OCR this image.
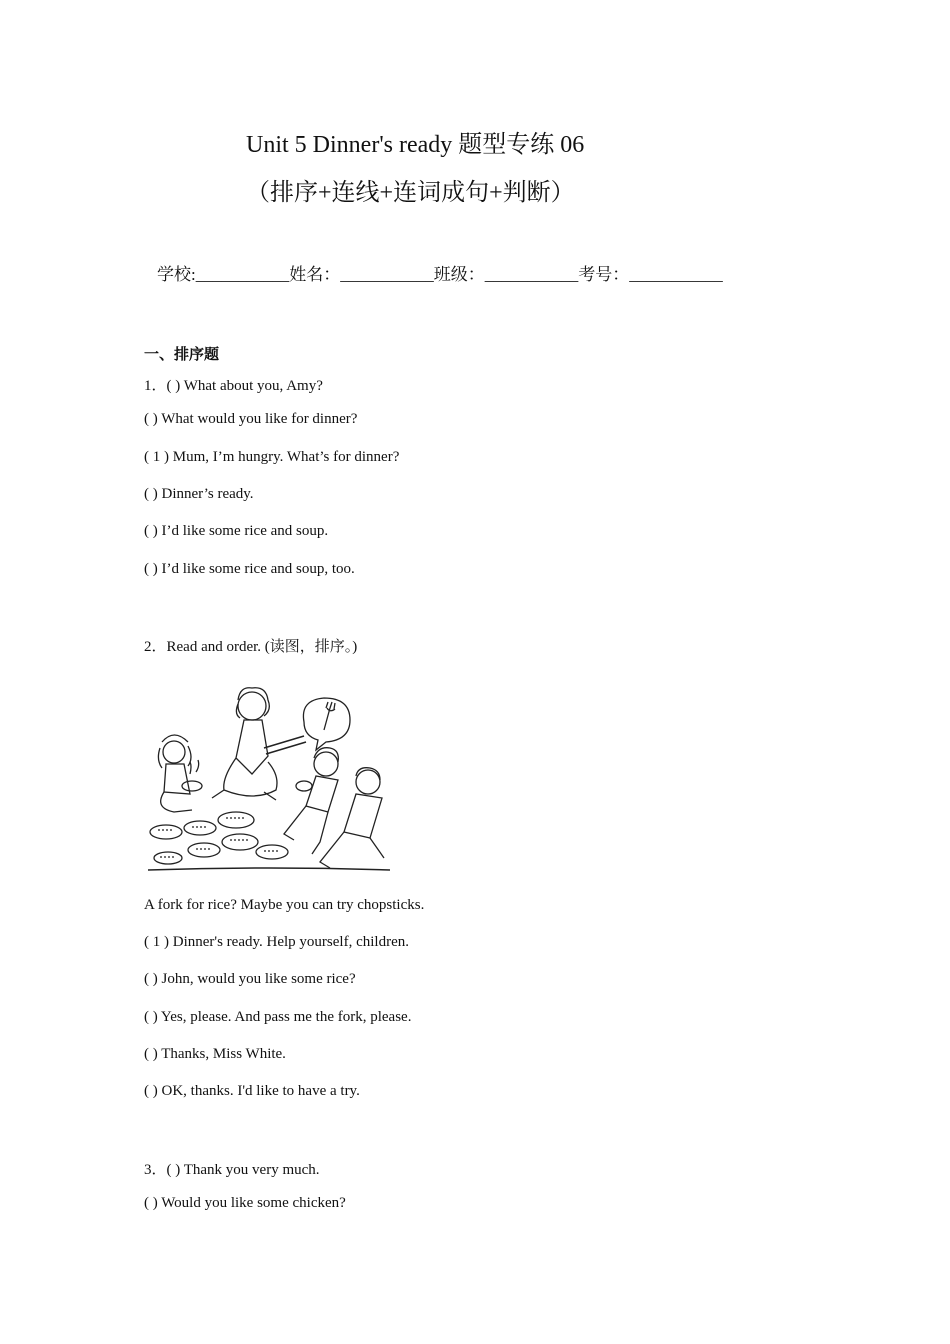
Unit 5 Dinner's ready 题型专练 06
（排序+连线+连词成句+判断）
学校:___________姓名：___________班级：___________考号：___________
一、排序题
1．( ) What about you, Amy?
( ) What would you like for dinner?
( 1 ) Mum, I’m hungry. What’s for dinner?
( ) Dinner’s ready.
( ) I’d like some rice and soup.
( ) I’d like some rice and soup, too.
2．Read and order. (读图，排序。)
A fork for rice? Maybe you can try chopsticks.
( 1 ) Dinner's ready. Help yourself, children.
( ) John, would you like some rice?
( ) Yes, please. And pass me the fork, please.
( ) Thanks, Miss White.
( ) OK, thanks. I'd like to have a try.
3．( ) Thank you very much.
( ) Would you like some chicken?
